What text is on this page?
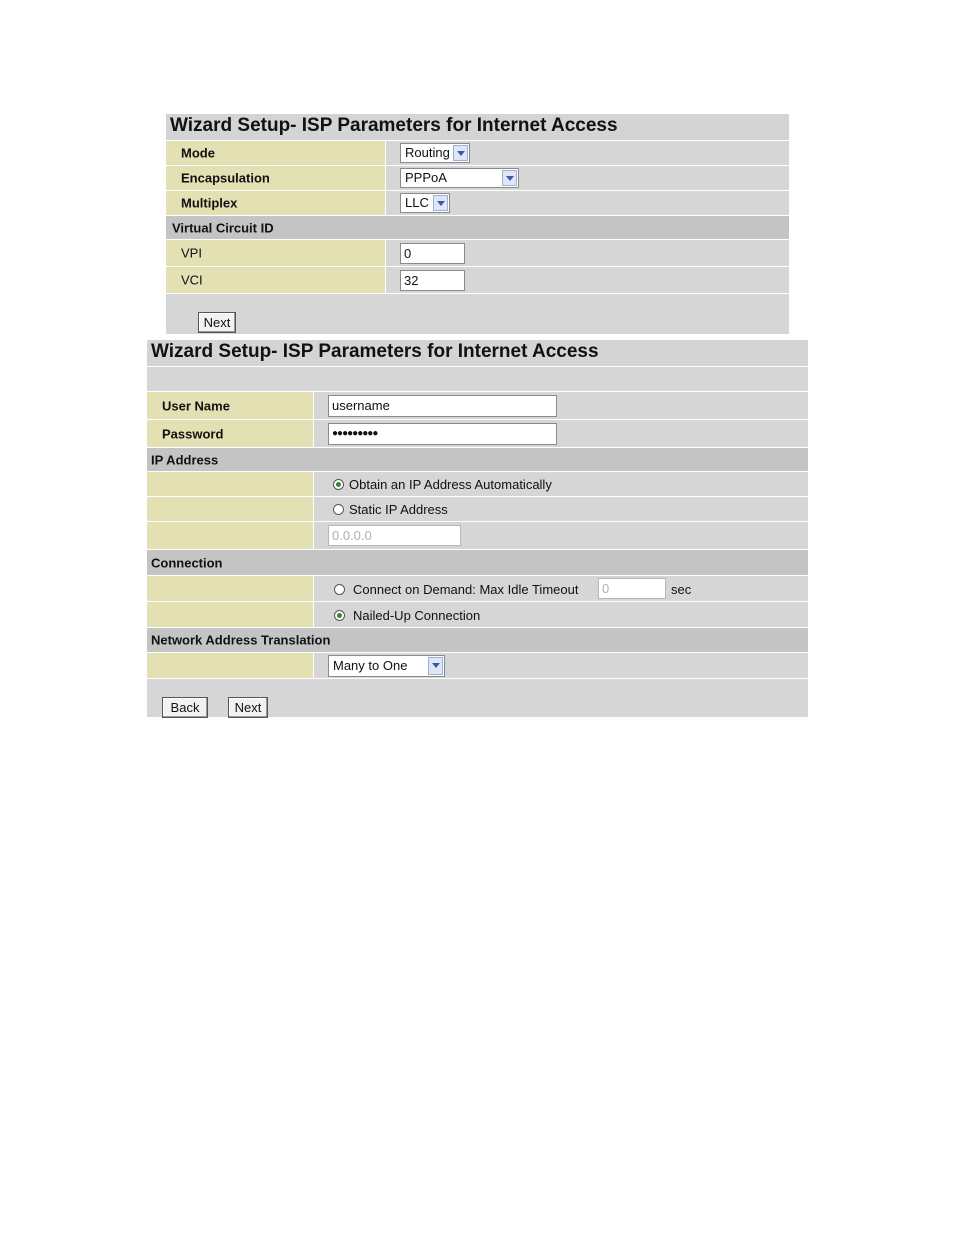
Wizard Setup- ISP Parameters for Internet Access
Mode	Routing
Encapsulation	PPPoA
Multiplex	LLC
Virtual Circuit ID
VPI	0
VCI	32
Next
Wizard Setup- ISP Parameters for Internet Access
User Name	username
Password	●●●●●●●●●
IP Address
Obtain an IP Address Automatically
Static IP Address
0.0.0.0
Connection
Connect on Demand: Max Idle Timeout	0	sec
Nailed-Up Connection
Network Address Translation
Many to One
Back	Next
